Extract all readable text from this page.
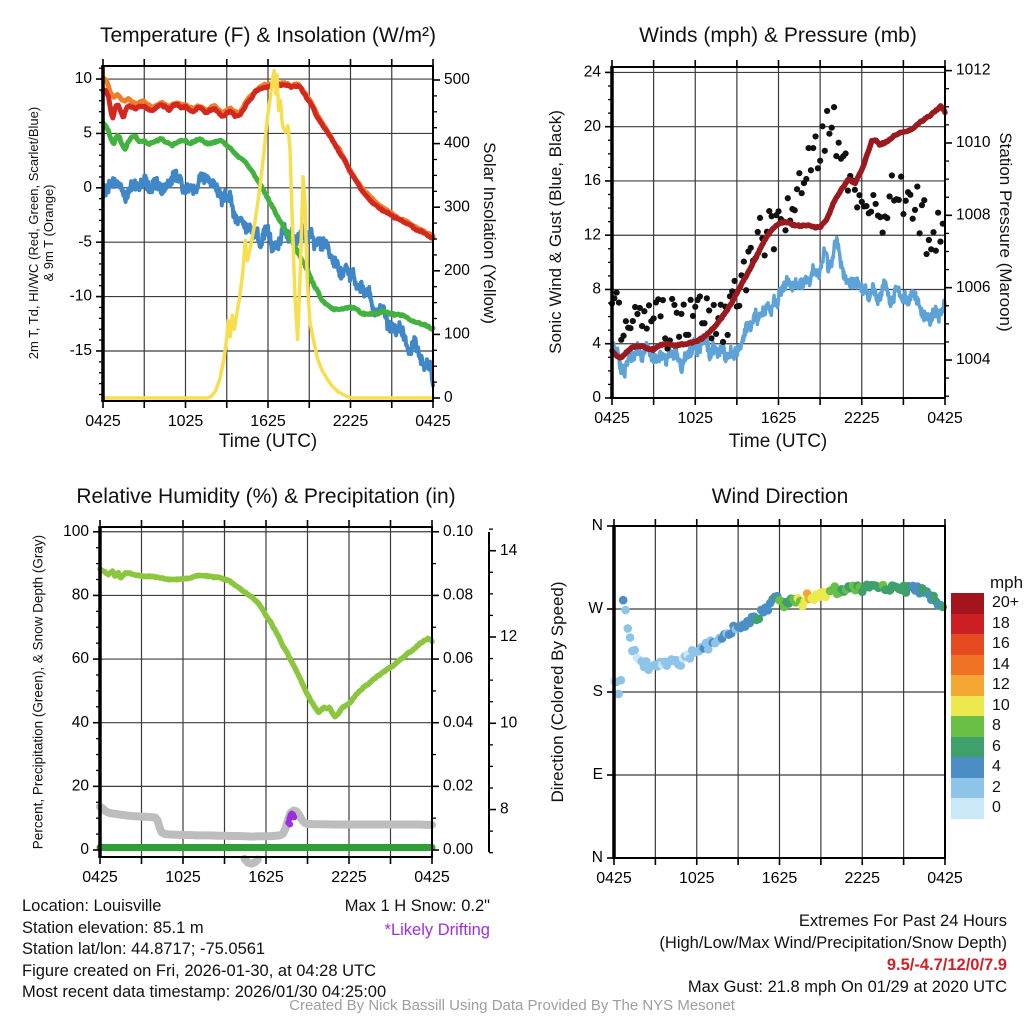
0425	1025	1625	2225	0425
-15
-10
-5
0
5
10
0
100
200
300
400
500
0425	1025	1625	2225	0425
0
4
8
12
16
20
24
1004
1006
1008
1010
1012
0425	1025	1625	2225	0425
0
20
40
60
80
100
0.00
0.02
0.04
0.06
0.08
0.10
8
10
12
14
0425	1025	1625	2225	0425
N
E
S
W
N
Temperature (F) & Insolation (W/m²)	Winds (mph) & Pressure (mb)
Relative Humidity (%) & Precipitation (in)	Wind Direction
Time (UTC)	Time (UTC)
2m T, Td, HI/WC (Red, Green, Scarlet/Blue) & 9m T (Orange)	Solar Insolation (Yellow)	Sonic Wind & Gust (Blue, Black)	Station Pressure (Maroon)
Percent, Precipitation (Green), & Snow Depth (Gray)	Direction (Colored By Speed)	mph
20+
18
16
14
12
10
8
6
4
2
0
Location: Louisville
Station elevation: 85.1 m
Station lat/lon: 44.8717; -75.0561
Figure created on Fri, 2026-01-30, at 04:28 UTC
Most recent data timestamp: 2026/01/30 04:25:00
Max 1 H Snow: 0.2"
*Likely Drifting	Extremes For Past 24 Hours
(High/Low/Max Wind/Precipitation/Snow Depth)
9.5/-4.7/12/0/7.9
Max Gust: 21.8 mph On 01/29 at 2020 UTC
Created By Nick Bassill Using Data Provided By The NYS Mesonet
